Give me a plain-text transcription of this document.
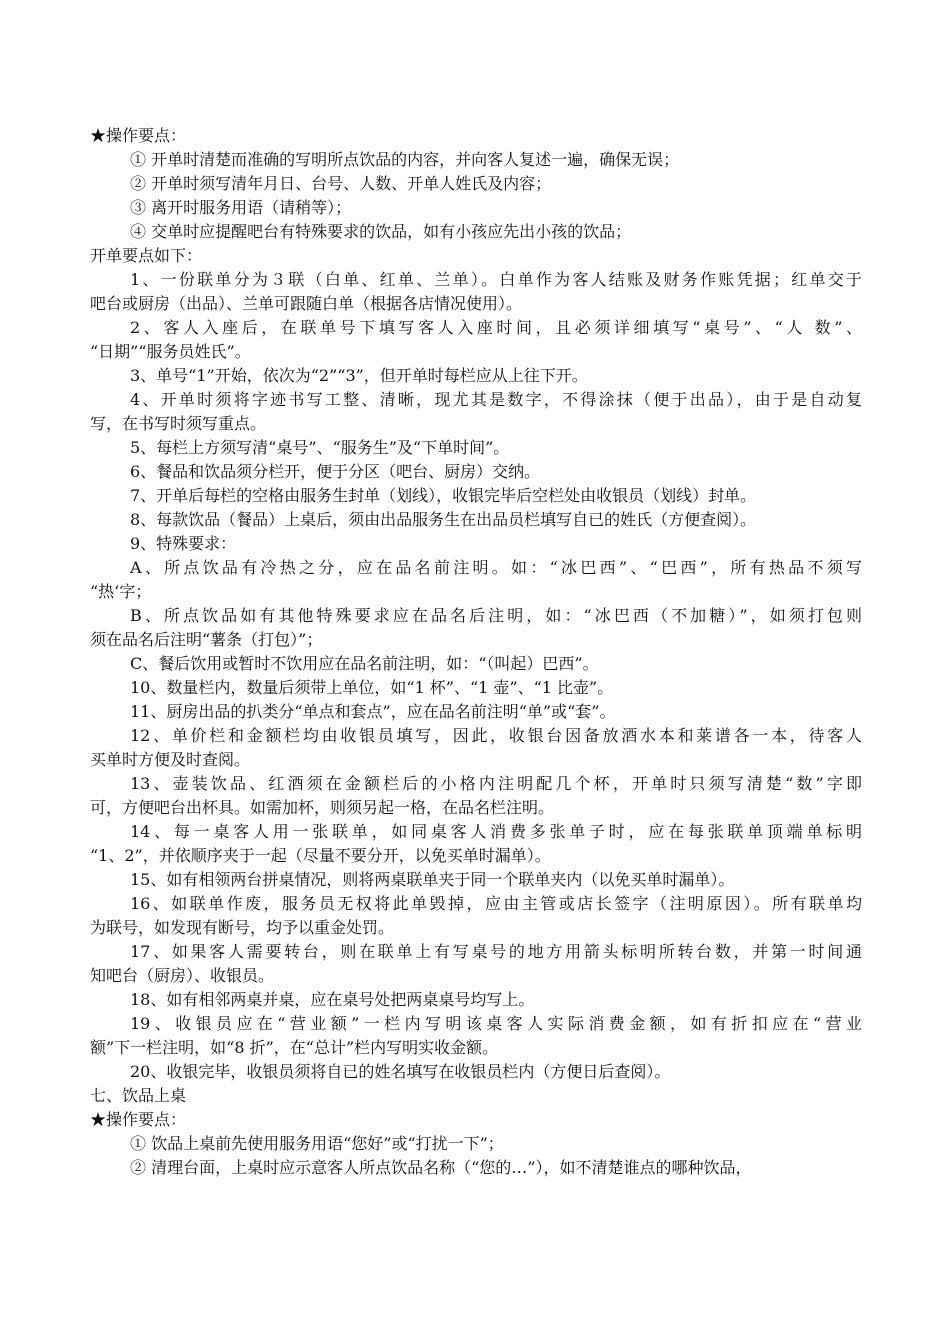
★操作要点：
① 开单时清楚而准确的写明所点饮品的内容，并向客人复述一遍，确保无误；
② 开单时须写清年月日、台号、人数、开单人姓氏及内容；
③ 离开时服务用语（请稍等）；
④ 交单时应提醒吧台有特殊要求的饮品，如有小孩应先出小孩的饮品；
开单要点如下：
1、一份联单分为３联（白单、红单、兰单）。白单作为客人结账及财务作账凭据；红单交于
吧台或厨房（出品）、兰单可跟随白单（根据各店情况使用）。
2、客人入座后，在联单号下填写客人入座时间，且必须详细填写“桌号”、“人 数”、
“日期”“服务员姓氏”。
3、单号“1”开始，依次为“2”“3”，但开单时每栏应从上往下开。
4、开单时须将字迹书写工整、清晰，现尤其是数字，不得涂抹（便于出品），由于是自动复
写，在书写时须写重点。
5、每栏上方须写清“桌号”、“服务生”及“下单时间”。
6、餐品和饮品须分栏开，便于分区（吧台、厨房）交纳。
7、开单后每栏的空格由服务生封单（划线），收银完毕后空栏处由收银员（划线）封单。
8、每款饮品（餐品）上桌后，须由出品服务生在出品员栏填写自已的姓氏（方便查阅）。
9、特殊要求：
A、所点饮品有冷热之分，应在品名前注明。如：“冰巴西”、“巴西”，所有热品不须写
“热‘字；
B、所点饮品如有其他特殊要求应在品名后注明，如：“冰巴西（不加糖）”，如须打包则
须在品名后注明“薯条（打包）”；
C、餐后饮用或暂时不饮用应在品名前注明，如：“（叫起）巴西”。
10、数量栏内，数量后须带上单位，如“1 杯”、“1 壶”、“1 比壶”。
11、厨房出品的扒类分“单点和套点”，应在品名前注明“单”或“套”。
12、单价栏和金额栏均由收银员填写，因此，收银台因备放酒水本和莱谱各一本，待客人
买单时方便及时查阅。
13、壶装饮品、红酒须在金额栏后的小格内注明配几个杯，开单时只须写清楚“数”字即
可，方便吧台出杯具。如需加杯，则须另起一格，在品名栏注明。
14、每一桌客人用一张联单，如同桌客人消费多张单子时，应在每张联单顶端单标明
“1、2”，并依顺序夹于一起（尽量不要分开，以免买单时漏单）。
15、如有相领两台拼桌情况，则将两桌联单夹于同一个联单夹内（以免买单时漏单）。
16、如联单作废，服务员无权将此单毁掉，应由主管或店长签字（注明原因）。所有联单均
为联号，如发现有断号，均予以重金处罚。
17、如果客人需要转台，则在联单上有写桌号的地方用箭头标明所转台数，并第一时间通
知吧台（厨房）、收银员。
18、如有相邻两桌并桌，应在桌号处把两桌桌号均写上。
19、收银员应在“营业额”一栏内写明该桌客人实际消费金额，如有折扣应在“营业
额”下一栏注明，如“8 折”，在“总计”栏内写明实收金额。
20、收银完毕，收银员须将自已的姓名填写在收银员栏内（方便日后查阅）。
七、饮品上桌
★操作要点：
① 饮品上桌前先使用服务用语“您好”或“打扰一下”；
② 清理台面，上桌时应示意客人所点饮品名称（“您的…”），如不清楚谁点的哪种饮品，
